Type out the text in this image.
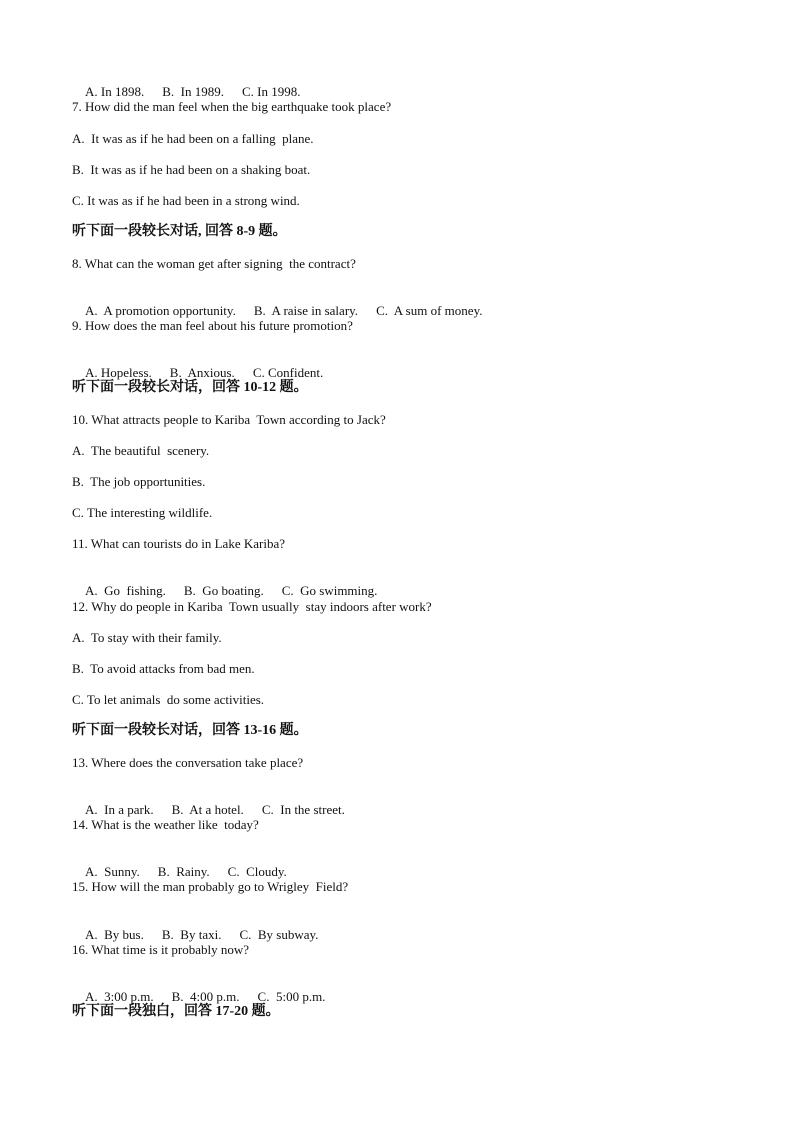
A. In 1898. B.  In 1989. C. In 1998.

7. How did the man feel when the big earthquake took place?
A.  It was as if he had been on a falling  plane.
B.  It was as if he had been on a shaking boat.
C. It was as if he had been in a strong wind.
听下面一段较长对话, 回答 8-9 题。
8. What can the woman get after signing  the contract?

A.  A promotion opportunity. B.  A raise in salary. C.  A sum of money.

9. How does the man feel about his future promotion?

A. Hopeless. B.  Anxious. C. Confident.

听下面一段较长对话，回答 10-12 题。
10. What attracts people to Kariba  Town according to Jack?
A.  The beautiful  scenery.
B.  The job opportunities.
C. The interesting wildlife.
11. What can tourists do in Lake Kariba?

A.  Go  fishing. B.  Go boating. C.  Go swimming.

12. Why do people in Kariba  Town usually  stay indoors after work?
A.  To stay with their family.
B.  To avoid attacks from bad men.
C. To let animals  do some activities.
听下面一段较长对话，回答 13-16 题。
13. Where does the conversation take place?

A.  In a park. B.  At a hotel. C.  In the street.

14. What is the weather like  today?

A.  Sunny. B.  Rainy. C.  Cloudy.

15. How will the man probably go to Wrigley  Field?

A.  By bus. B.  By taxi. C.  By subway.

16. What time is it probably now?

A.  3:00 p.m. B.  4:00 p.m. C.  5:00 p.m.

听下面一段独白，回答 17-20 题。
